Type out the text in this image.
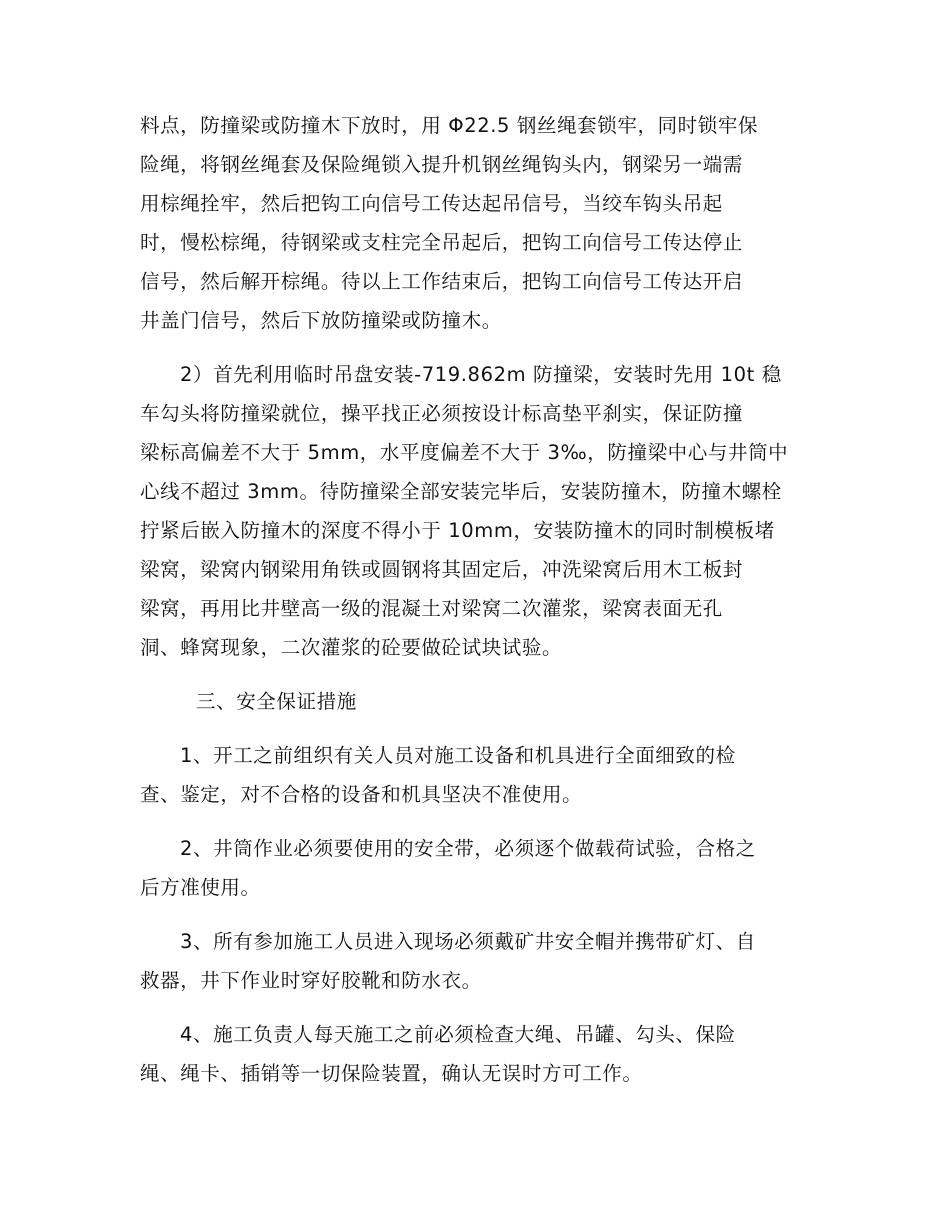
料点，防撞梁或防撞木下放时，用 Φ22.5 钢丝绳套锁牢，同时锁牢保
险绳，将钢丝绳套及保险绳锁入提升机钢丝绳钩头内，钢梁另一端需
用棕绳拴牢，然后把钩工向信号工传达起吊信号，当绞车钩头吊起
时，慢松棕绳，待钢梁或支柱完全吊起后，把钩工向信号工传达停止
信号，然后解开棕绳。待以上工作结束后，把钩工向信号工传达开启
井盖门信号，然后下放防撞梁或防撞木。
2）首先利用临时吊盘安装-719.862m 防撞梁，安装时先用 10t 稳
车勾头将防撞梁就位，操平找正必须按设计标高垫平刹实，保证防撞
梁标高偏差不大于 5mm，水平度偏差不大于 3‰，防撞梁中心与井筒中
心线不超过 3mm。待防撞梁全部安装完毕后，安装防撞木，防撞木螺栓
拧紧后嵌入防撞木的深度不得小于 10mm，安装防撞木的同时制模板堵
梁窝，梁窝内钢梁用角铁或圆钢将其固定后，冲洗梁窝后用木工板封
梁窝，再用比井壁高一级的混凝土对梁窝二次灌浆，梁窝表面无孔
洞、蜂窝现象，二次灌浆的砼要做砼试块试验。
三、安全保证措施
1、开工之前组织有关人员对施工设备和机具进行全面细致的检
查、鉴定，对不合格的设备和机具坚决不准使用。
2、井筒作业必须要使用的安全带，必须逐个做载荷试验，合格之
后方准使用。
3、所有参加施工人员进入现场必须戴矿井安全帽并携带矿灯、自
救器，井下作业时穿好胶靴和防水衣。
4、施工负责人每天施工之前必须检查大绳、吊罐、勾头、保险
绳、绳卡、插销等一切保险装置，确认无误时方可工作。
